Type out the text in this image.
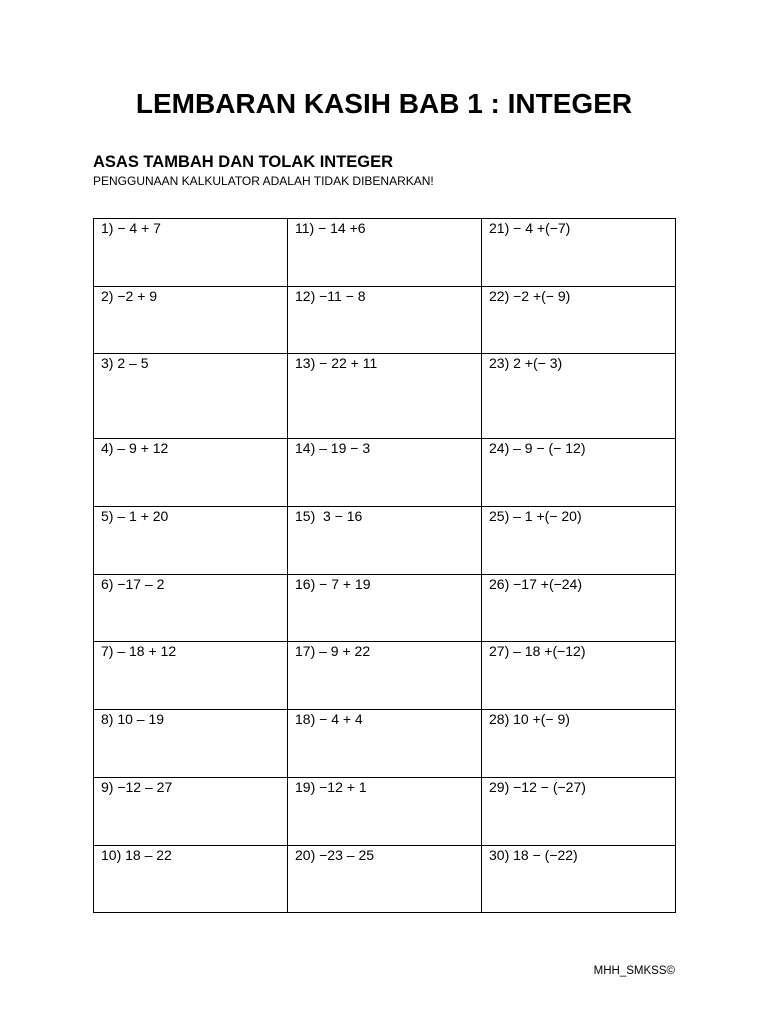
LEMBARAN KASIH BAB 1 : INTEGER
ASAS TAMBAH DAN TOLAK INTEGER
PENGGUNAAN KALKULATOR ADALAH TIDAK DIBENARKAN!
1) − 4 + 7	11) − 14 +6	21) − 4 +(−7)
2) −2 + 9	12) −11 − 8	22) −2 +(− 9)
3) 2 – 5	13) − 22 + 11	23) 2 +(− 3)
4) – 9 + 12	14) – 19 − 3	24) – 9 − (− 12)
5) – 1 + 20	15)  3 − 16	25) – 1 +(− 20)
6) −17 – 2	16) − 7 + 19	26) −17 +(−24)
7) – 18 + 12	17) – 9 + 22	27) – 18 +(−12)
8) 10 – 19	18) − 4 + 4	28) 10 +(− 9)
9) −12 – 27	19) −12 + 1	29) −12 − (−27)
10) 18 – 22	20) −23 – 25	30) 18 − (−22)
MHH_SMKSS©
